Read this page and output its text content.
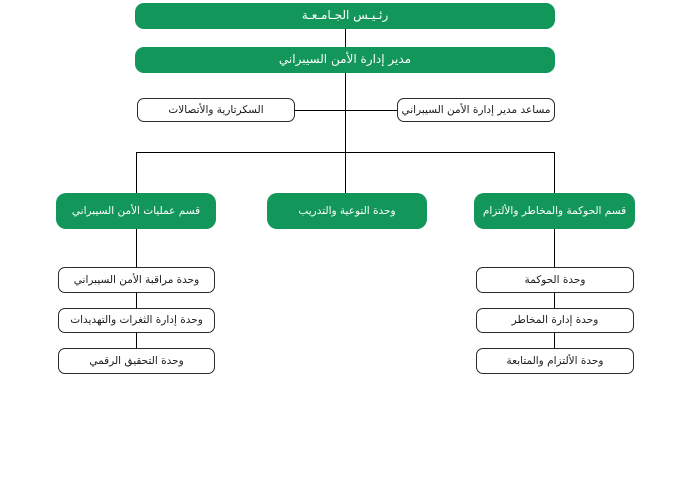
رئـيـس الجـامـعـة
مدير إدارة الأمن السيبراني
السكرتارية والأتصالات	مساعد مدير إدارة الأمن السيبراني
قسم عمليات الأمن السيبراني	وحدة التوعية والتدريب	قسم الحوكمة والمخاطر والألتزام
وحدة مراقبة الأمن السيبراني
وحدة إدارة الثغرات والتهديدات
وحدة التحقيق الرقمي
وحدة الحوكمة
وحدة إدارة المخاطر
وحدة الألتزام والمتابعة
